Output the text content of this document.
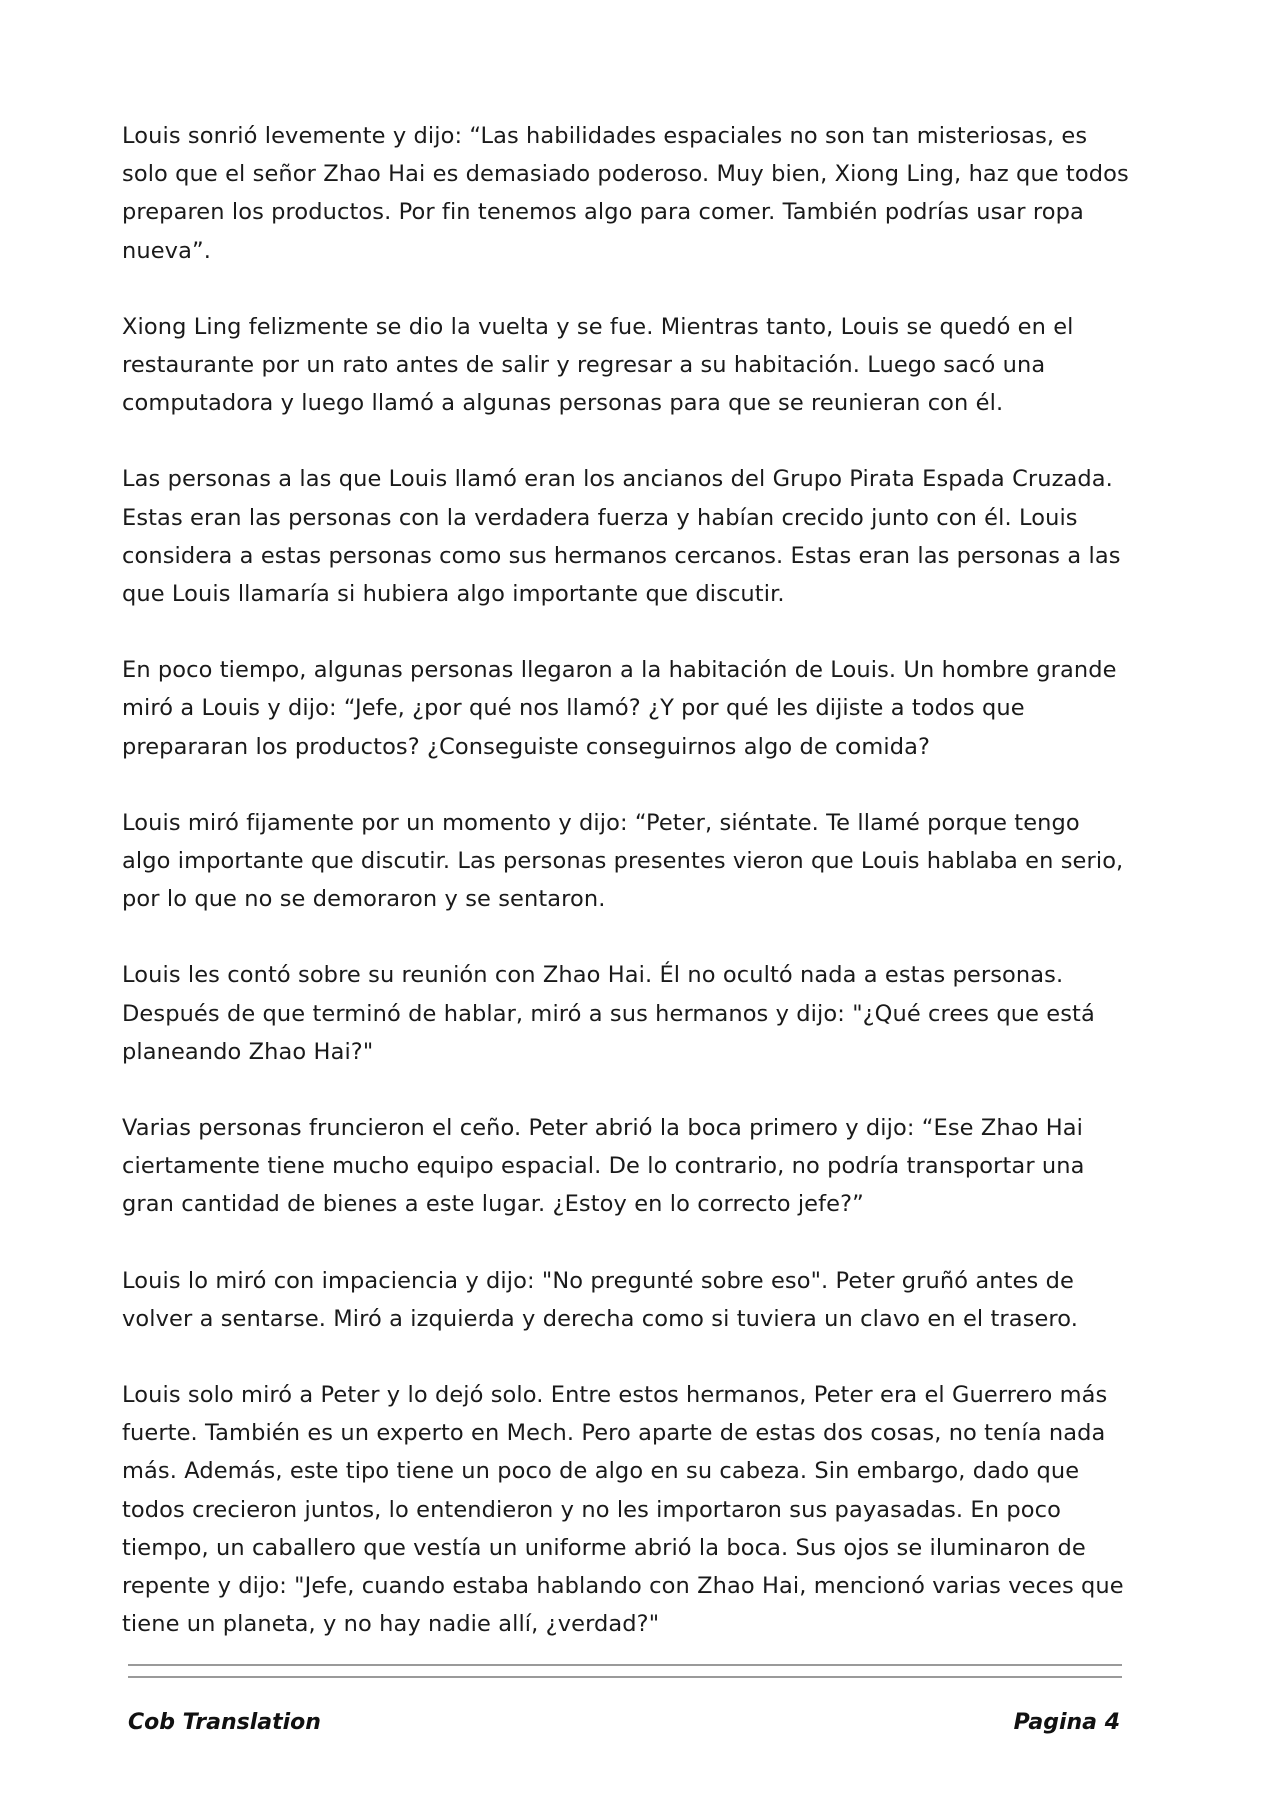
Louis sonrió levemente y dijo: “Las habilidades espaciales no son tan misteriosas, es solo que el señor Zhao Hai es demasiado poderoso. Muy bien, Xiong Ling, haz que todos preparen los productos. Por fin tenemos algo para comer. También podrías usar ropa nueva”.

Xiong Ling felizmente se dio la vuelta y se fue. Mientras tanto, Louis se quedó en el restaurante por un rato antes de salir y regresar a su habitación. Luego sacó una computadora y luego llamó a algunas personas para que se reunieran con él.

Las personas a las que Louis llamó eran los ancianos del Grupo Pirata Espada Cruzada. Estas eran las personas con la verdadera fuerza y habían crecido junto con él. Louis considera a estas personas como sus hermanos cercanos. Estas eran las personas a las que Louis llamaría si hubiera algo importante que discutir.

En poco tiempo, algunas personas llegaron a la habitación de Louis. Un hombre grande miró a Louis y dijo: “Jefe, ¿por qué nos llamó? ¿Y por qué les dijiste a todos que prepararan los productos? ¿Conseguiste conseguirnos algo de comida?

Louis miró fijamente por un momento y dijo: “Peter, siéntate. Te llamé porque tengo algo importante que discutir. Las personas presentes vieron que Louis hablaba en serio, por lo que no se demoraron y se sentaron.

Louis les contó sobre su reunión con Zhao Hai. Él no ocultó nada a estas personas. Después de que terminó de hablar, miró a sus hermanos y dijo: "¿Qué crees que está planeando Zhao Hai?"

Varias personas fruncieron el ceño. Peter abrió la boca primero y dijo: “Ese Zhao Hai ciertamente tiene mucho equipo espacial. De lo contrario, no podría transportar una gran cantidad de bienes a este lugar. ¿Estoy en lo correcto jefe?”

Louis lo miró con impaciencia y dijo: "No pregunté sobre eso". Peter gruñó antes de volver a sentarse. Miró a izquierda y derecha como si tuviera un clavo en el trasero.

Louis solo miró a Peter y lo dejó solo. Entre estos hermanos, Peter era el Guerrero más fuerte. También es un experto en Mech. Pero aparte de estas dos cosas, no tenía nada más. Además, este tipo tiene un poco de algo en su cabeza. Sin embargo, dado que todos crecieron juntos, lo entendieron y no les importaron sus payasadas. En poco tiempo, un caballero que vestía un uniforme abrió la boca. Sus ojos se iluminaron de repente y dijo: "Jefe, cuando estaba hablando con Zhao Hai, mencionó varias veces que tiene un planeta, y no hay nadie allí, ¿verdad?"

Cob Translation	Pagina 4
